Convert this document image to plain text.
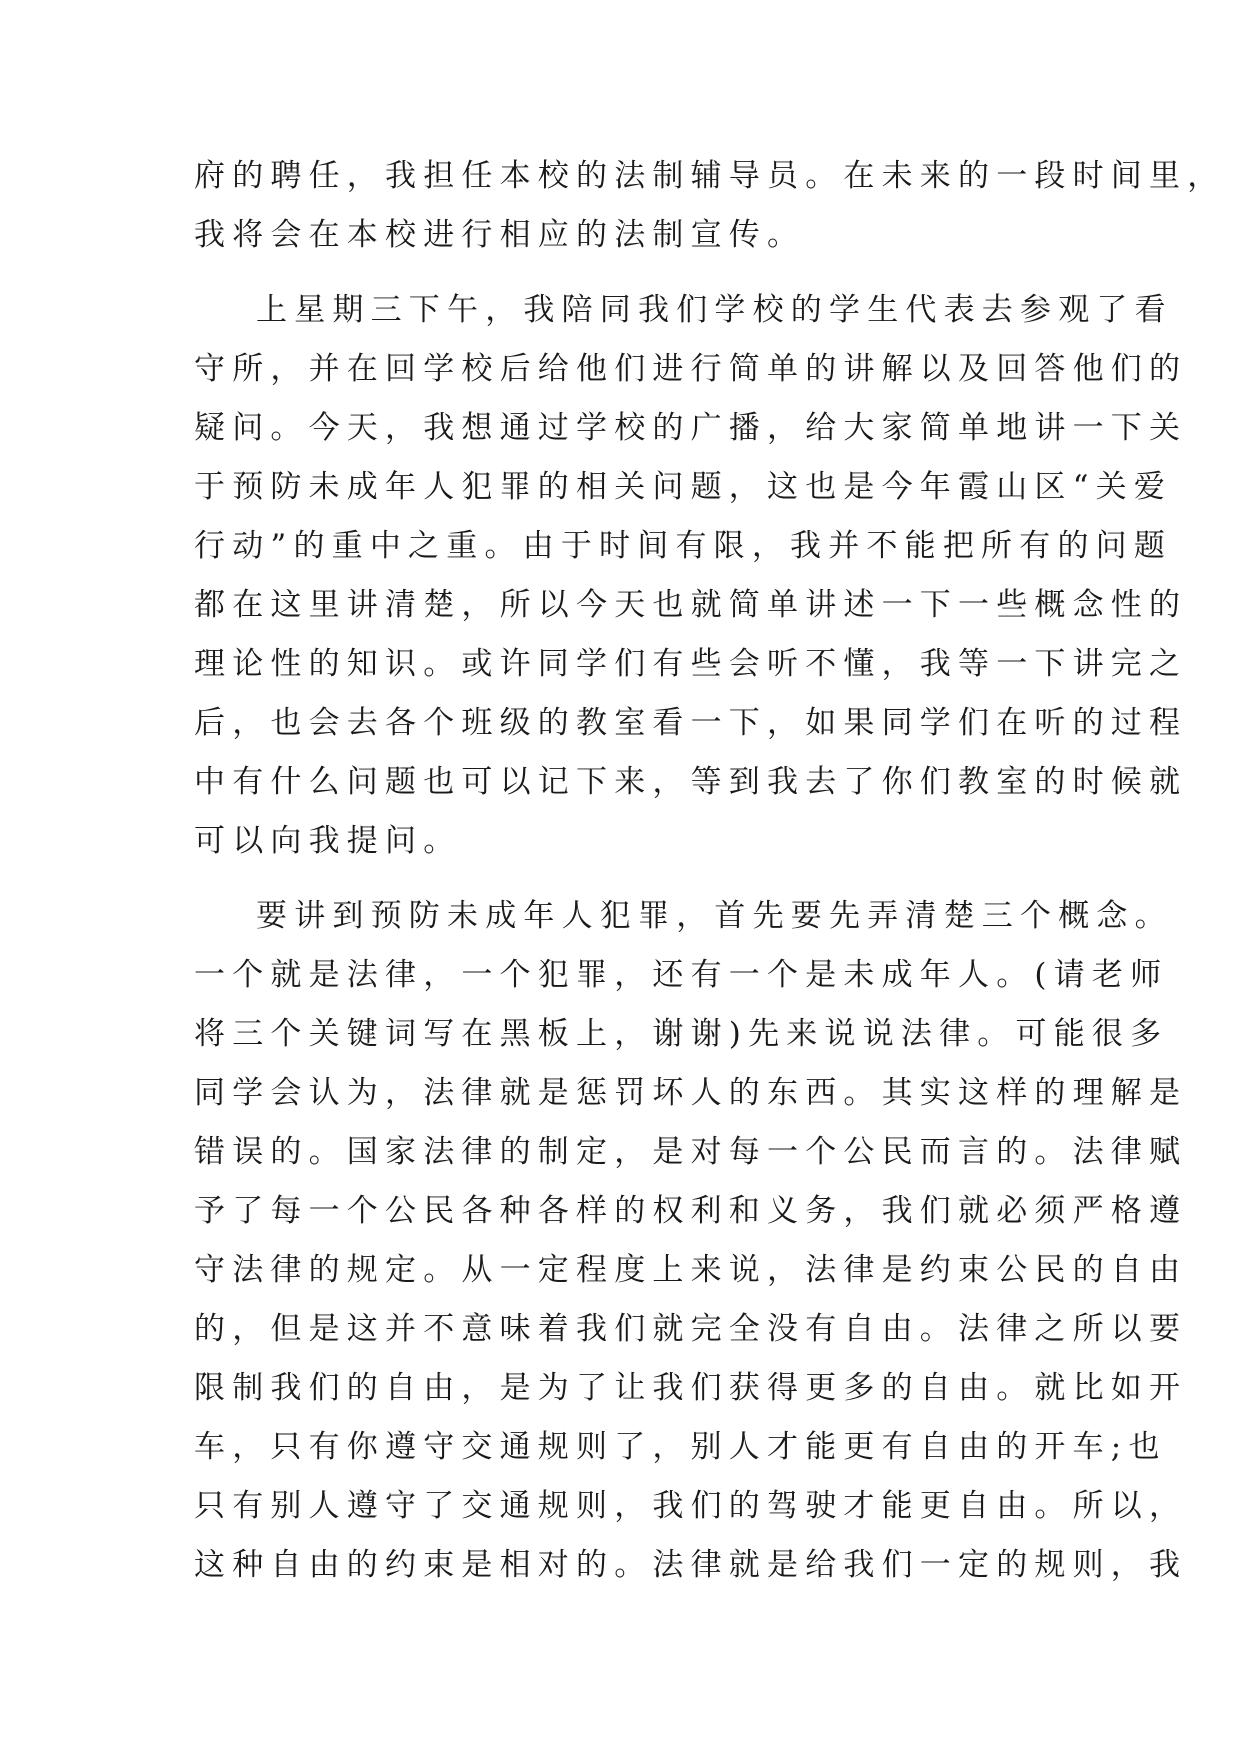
府的聘任，我担任本校的法制辅导员。在未来的一段时间里，
我将会在本校进行相应的法制宣传。
上星期三下午，我陪同我们学校的学生代表去参观了看
守所，并在回学校后给他们进行简单的讲解以及回答他们的
疑问。今天，我想通过学校的广播，给大家简单地讲一下关
于预防未成年人犯罪的相关问题，这也是今年霞山区“关爱
行动”的重中之重。由于时间有限，我并不能把所有的问题
都在这里讲清楚，所以今天也就简单讲述一下一些概念性的
理论性的知识。或许同学们有些会听不懂，我等一下讲完之
后，也会去各个班级的教室看一下，如果同学们在听的过程
中有什么问题也可以记下来，等到我去了你们教室的时候就
可以向我提问。
要讲到预防未成年人犯罪，首先要先弄清楚三个概念。
一个就是法律，一个犯罪，还有一个是未成年人。(请老师
将三个关键词写在黑板上，谢谢)先来说说法律。可能很多
同学会认为，法律就是惩罚坏人的东西。其实这样的理解是
错误的。国家法律的制定，是对每一个公民而言的。法律赋
予了每一个公民各种各样的权利和义务，我们就必须严格遵
守法律的规定。从一定程度上来说，法律是约束公民的自由
的，但是这并不意味着我们就完全没有自由。法律之所以要
限制我们的自由，是为了让我们获得更多的自由。就比如开
车，只有你遵守交通规则了，别人才能更有自由的开车;也
只有别人遵守了交通规则，我们的驾驶才能更自由。所以，
这种自由的约束是相对的。法律就是给我们一定的规则，我
